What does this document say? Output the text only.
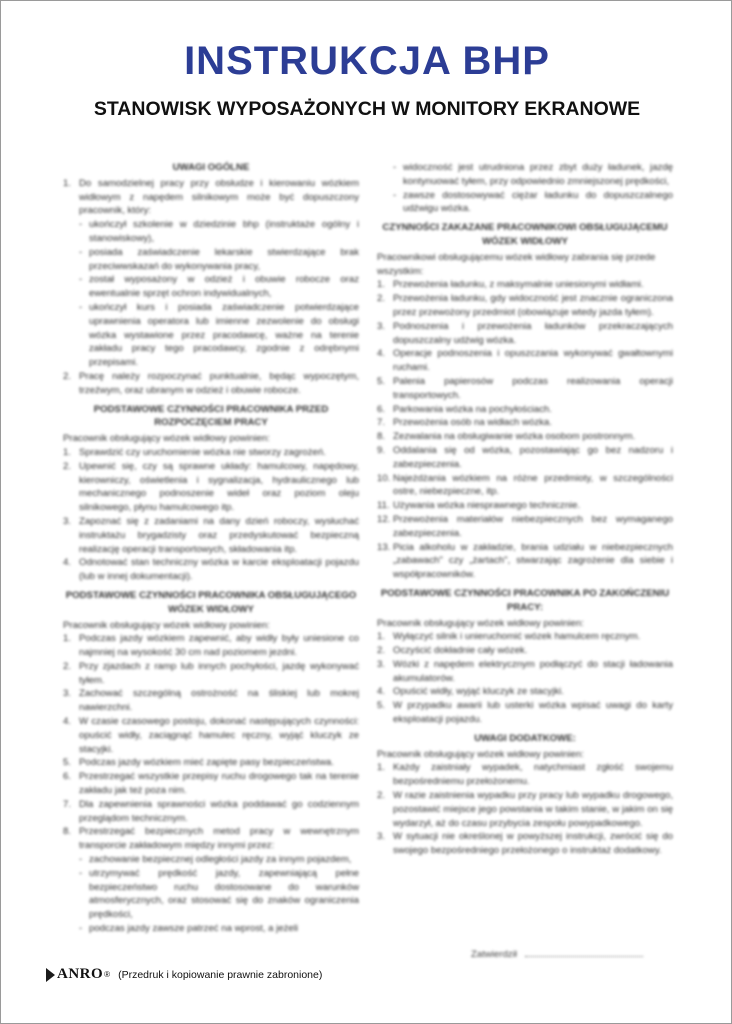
INSTRUKCJA BHP
STANOWISK WYPOSAŻONYCH W MONITORY EKRANOWE
UWAGI OGÓLNE
1. Do samodzielnej pracy przy obsłudze i kierowaniu wózkiem widłowym z napędem silnikowym może być dopuszczony pracownik, który:
- ukończył szkolenie w dziedzinie bhp (instruktaże ogólny i stanowiskowy),
- posiada zaświadczenie lekarskie stwierdzające brak przeciwwskazań do wykonywania pracy,
- został wyposażony w odzież i obuwie robocze oraz ewentualnie sprzęt ochron indywidualnych,
- ukończył kurs i posiada zaświadczenie potwierdzające uprawnienia operatora lub imienne zezwolenie do obsługi wózka wystawione przez pracodawcę, ważne na terenie zakładu pracy tego pracodawcy, zgodnie z odrębnymi przepisami.
2. Pracę należy rozpoczynać punktualnie, będąc wypoczętym, trzeźwym, oraz ubranym w odzież i obuwie robocze.
PODSTAWOWE CZYNNOŚCI PRACOWNIKA PRZED ROZPOCZĘCIEM PRACY
Pracownik obsługujący wózek widłowy powinien:
1. Sprawdzić czy uruchomienie wózka nie stworzy zagrożeń.
2. Upewnić się, czy są sprawne układy: hamulcowy, napędowy, kierowniczy, oświetlenia i sygnalizacja, hydraulicznego lub mechanicznego podnoszenie wideł oraz poziom oleju silnikowego, płynu hamulcowego itp.
3. Zapoznać się z zadaniami na dany dzień roboczy, wysłuchać instruktażu brygadzisty oraz przedyskutować bezpieczną realizację operacji transportowych, składowania itp.
4. Odnotować stan techniczny wózka w karcie eksploatacji pojazdu (lub w innej dokumentacji).
PODSTAWOWE CZYNNOŚCI PRACOWNIKA OBSŁUGUJĄCEGO WÓZEK WIDŁOWY
Pracownik obsługujący wózek widłowy powinien:
1. Podczas jazdy wózkiem zapewnić, aby widły były uniesione co najmniej na wysokość 30 cm nad poziomem jezdni.
2. Przy zjazdach z ramp lub innych pochyłości, jazdę wykonywać tyłem.
3. Zachować szczególną ostrożność na śliskiej lub mokrej nawierzchni.
4. W czasie czasowego postoju, dokonać następujących czynności: opuścić widły, zaciągnąć hamulec ręczny, wyjąć kluczyk ze stacyjki.
5. Podczas jazdy wózkiem mieć zapięte pasy bezpieczeństwa.
6. Przestrzegać wszystkie przepisy ruchu drogowego tak na terenie zakładu jak też poza nim.
7. Dla zapewnienia sprawności wózka poddawać go codziennym przeglądom technicznym.
8. Przestrzegać bezpiecznych metod pracy w wewnętrznym transporcie zakładowym między innymi przez:
- zachowanie bezpiecznej odległości jazdy za innym pojazdem,
- utrzymywać prędkość jazdy, zapewniającą pełne bezpieczeństwo ruchu dostosowane do warunków atmosferycznych, oraz stosować się do znaków ograniczenia prędkości,
- podczas jazdy zawsze patrzeć na wprost, a jeżeli
- widoczność jest utrudniona przez zbyt duży ładunek, jazdę kontynuować tyłem, przy odpowiednio zmniejszonej prędkości,
- zawsze dostosowywać ciężar ładunku do dopuszczalnego udźwigu wózka.
CZYNNOŚCI ZAKAZANE PRACOWNIKOWI OBSŁUGUJĄCEMU WÓZEK WIDŁOWY
Pracownikowi obsługującemu wózek widłowy zabrania się przede wszystkim:
1. Przewożenia ładunku, z maksymalnie uniesionymi widłami.
2. Przewożenia ładunku, gdy widoczność jest znacznie ograniczona przez przewożony przedmiot (obowiązuje wtedy jazda tyłem).
3. Podnoszenia i przewożenia ładunków przekraczających dopuszczalny udźwig wózka.
4. Operacje podnoszenia i opuszczania wykonywać gwałtownymi ruchami.
5. Palenia papierosów podczas realizowania operacji transportowych.
6. Parkowania wózka na pochyłościach.
7. Przewożenia osób na widłach wózka.
8. Zezwalania na obsługiwanie wózka osobom postronnym.
9. Oddalania się od wózka, pozostawiając go bez nadzoru i zabezpieczenia.
10. Najeżdżania wózkiem na różne przedmioty, w szczególności ostre, niebezpieczne, itp.
11. Używania wózka niesprawnego technicznie.
12. Przewożenia materiałów niebezpiecznych bez wymaganego zabezpieczenia.
13. Picia alkoholu w zakładzie, brania udziału w niebezpiecznych „zabawach" czy „żartach", stwarzając zagrożenie dla siebie i współpracowników.
PODSTAWOWE CZYNNOŚCI PRACOWNIKA PO ZAKOŃCZENIU PRACY:
Pracownik obsługujący wózek widłowy powinien:
1. Wyłączyć silnik i unieruchomić wózek hamulcem ręcznym.
2. Oczyścić dokładnie cały wózek.
3. Wózki z napędem elektrycznym podłączyć do stacji ładowania akumulatorów.
4. Opuścić widły, wyjąć kluczyk ze stacyjki.
5. W przypadku awarii lub usterki wózka wpisać uwagi do karty eksploatacji pojazdu.
UWAGI DODATKOWE:
Pracownik obsługujący wózek widłowy powinien:
1. Każdy zaistniały wypadek, natychmiast zgłość swojemu bezpośredniemu przełożonemu.
2. W razie zaistnienia wypadku przy pracy lub wypadku drogowego, pozostawić miejsce jego powstania w takim stanie, w jakim on się wydarzył, aż do czasu przybycia zespołu powypadkowego.
3. W sytuacji nie określonej w powyższej instrukcji, zwrócić się do swojego bezpośredniego przełożonego o instruktaż dodatkowy.
Zatwierdził
ANRO ® (Przedruk i kopiowanie prawnie zabronione)
